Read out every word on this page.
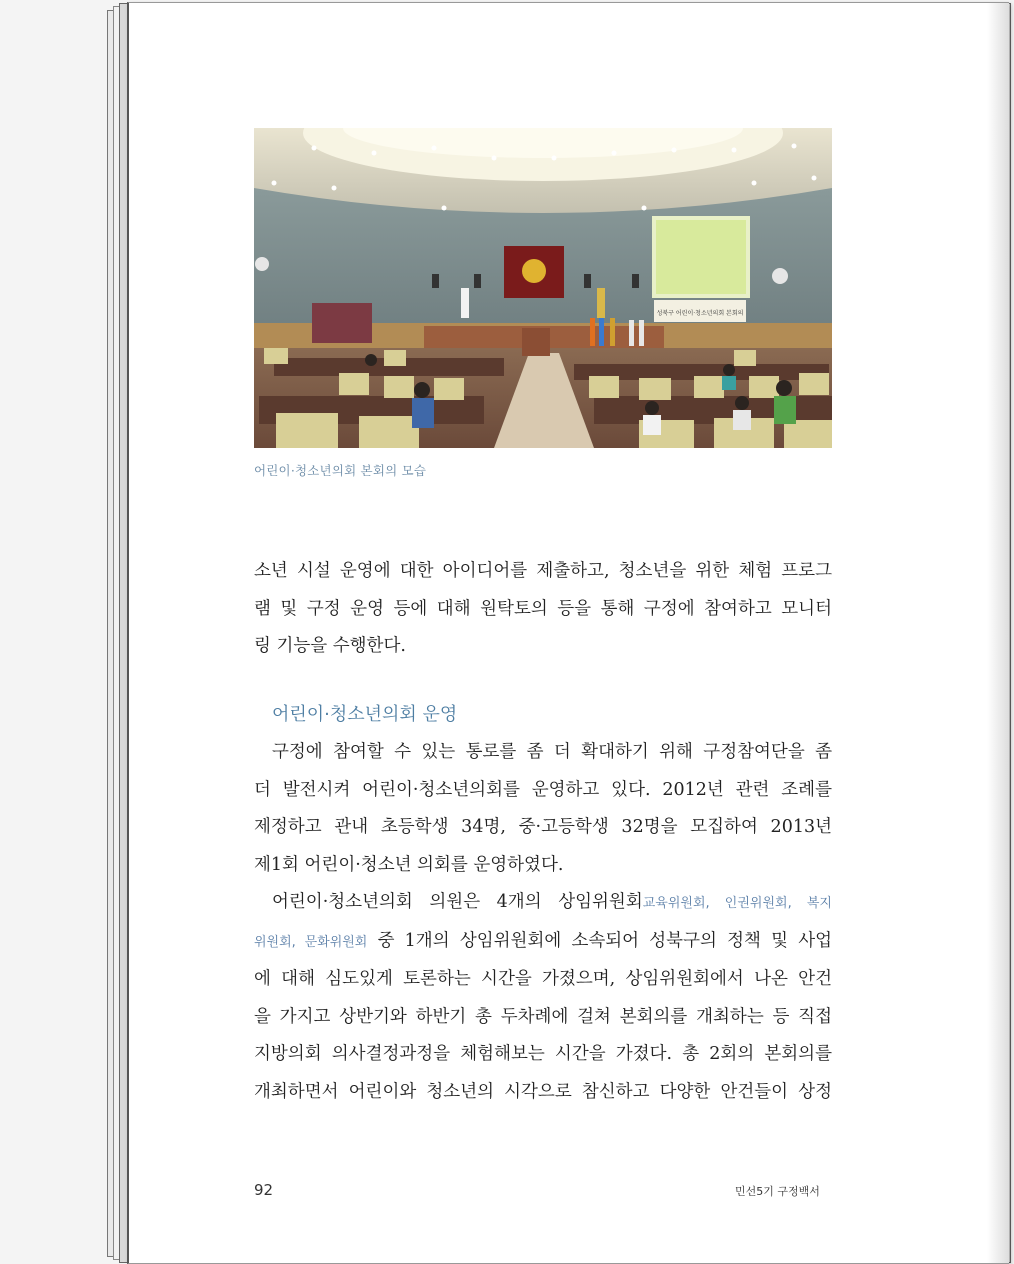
성북구 어린이·청소년의회 본회의
어린이·청소년의회 본회의 모습
소년 시설 운영에 대한 아이디어를 제출하고, 청소년을 위한 체험 프로그
램 및 구정 운영 등에 대해 원탁토의 등을 통해 구정에 참여하고 모니터
링 기능을 수행한다.
어린이·청소년의회 운영
구정에 참여할 수 있는 통로를 좀 더 확대하기 위해 구정참여단을 좀
더 발전시켜 어린이·청소년의회를 운영하고 있다. 2012년 관련 조례를
제정하고 관내 초등학생 34명, 중·고등학생 32명을 모집하여 2013년
제1회 어린이·청소년 의회를 운영하였다.
어린이·청소년의회 의원은 4개의 상임위원회교육위원회, 인권위원회, 복지
위원회, 문화위원회 중 1개의 상임위원회에 소속되어 성북구의 정책 및 사업
에 대해 심도있게 토론하는 시간을 가졌으며, 상임위원회에서 나온 안건
을 가지고 상반기와 하반기 총 두차례에 걸쳐 본회의를 개최하는 등 직접
지방의회 의사결정과정을 체험해보는 시간을 가졌다. 총 2회의 본회의를
개최하면서 어린이와 청소년의 시각으로 참신하고 다양한 안건들이 상정
92	민선5기 구정백서
